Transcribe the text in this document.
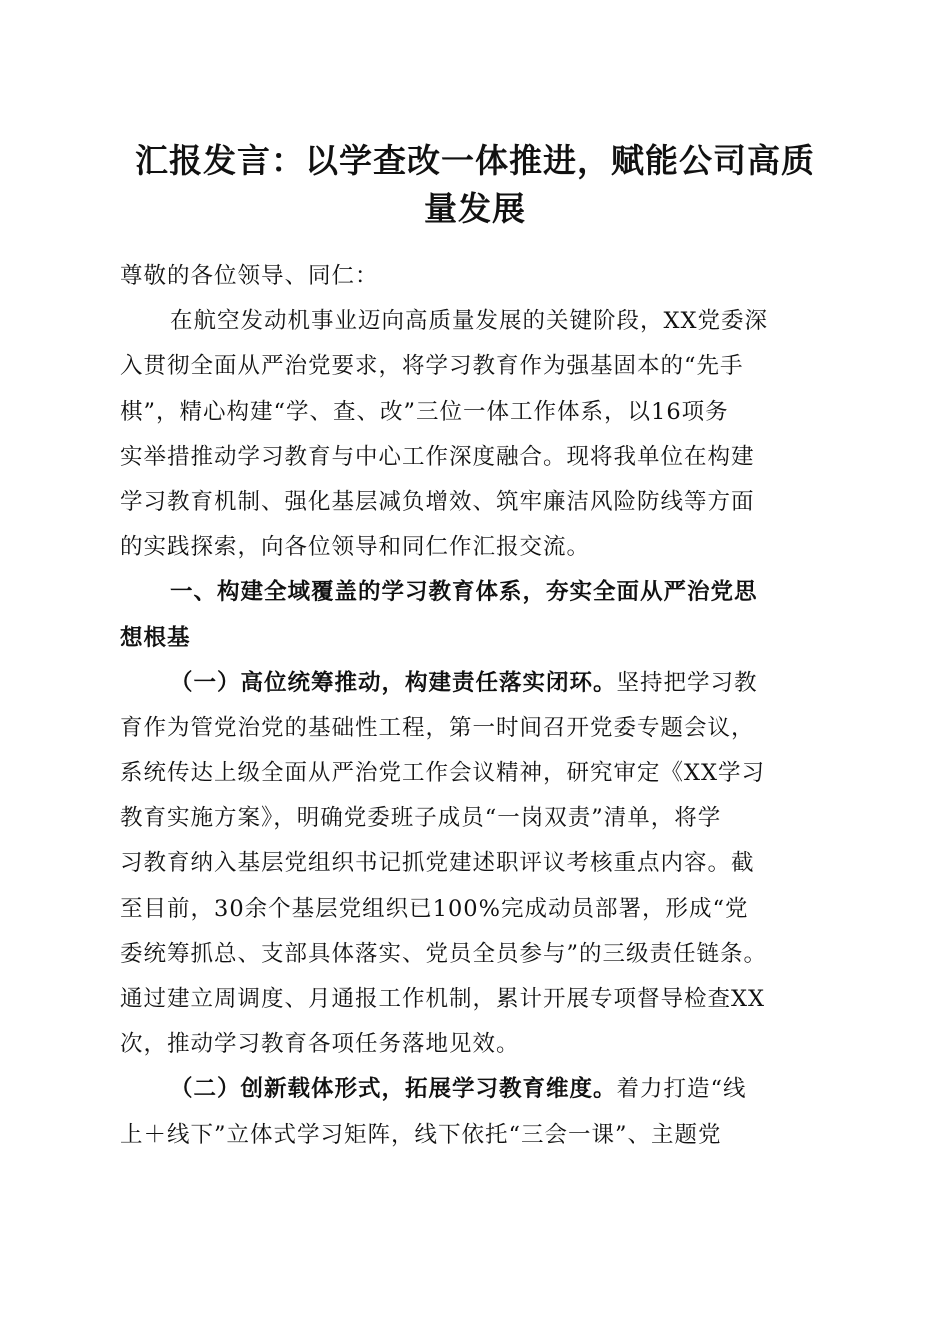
汇报发言：以学查改一体推进，赋能公司高质
量发展
尊敬的各位领导、同仁：
在航空发动机事业迈向高质量发展的关键阶段，XX党委深
入贯彻全面从严治党要求，将学习教育作为强基固本的“先手
棋”，精心构建“学、查、改”三位一体工作体系，以16项务
实举措推动学习教育与中心工作深度融合。现将我单位在构建
学习教育机制、强化基层减负增效、筑牢廉洁风险防线等方面
的实践探索，向各位领导和同仁作汇报交流。
一、构建全域覆盖的学习教育体系，夯实全面从严治党思
想根基
（一）高位统筹推动，构建责任落实闭环。坚持把学习教
育作为管党治党的基础性工程，第一时间召开党委专题会议，
系统传达上级全面从严治党工作会议精神，研究审定《XX学习
教育实施方案》，明确党委班子成员“一岗双责”清单，将学
习教育纳入基层党组织书记抓党建述职评议考核重点内容。截
至目前，30余个基层党组织已100%完成动员部署，形成“党
委统筹抓总、支部具体落实、党员全员参与”的三级责任链条。
通过建立周调度、月通报工作机制，累计开展专项督导检查XX
次，推动学习教育各项任务落地见效。
（二）创新载体形式，拓展学习教育维度。着力打造“线
上＋线下”立体式学习矩阵，线下依托“三会一课”、主题党
